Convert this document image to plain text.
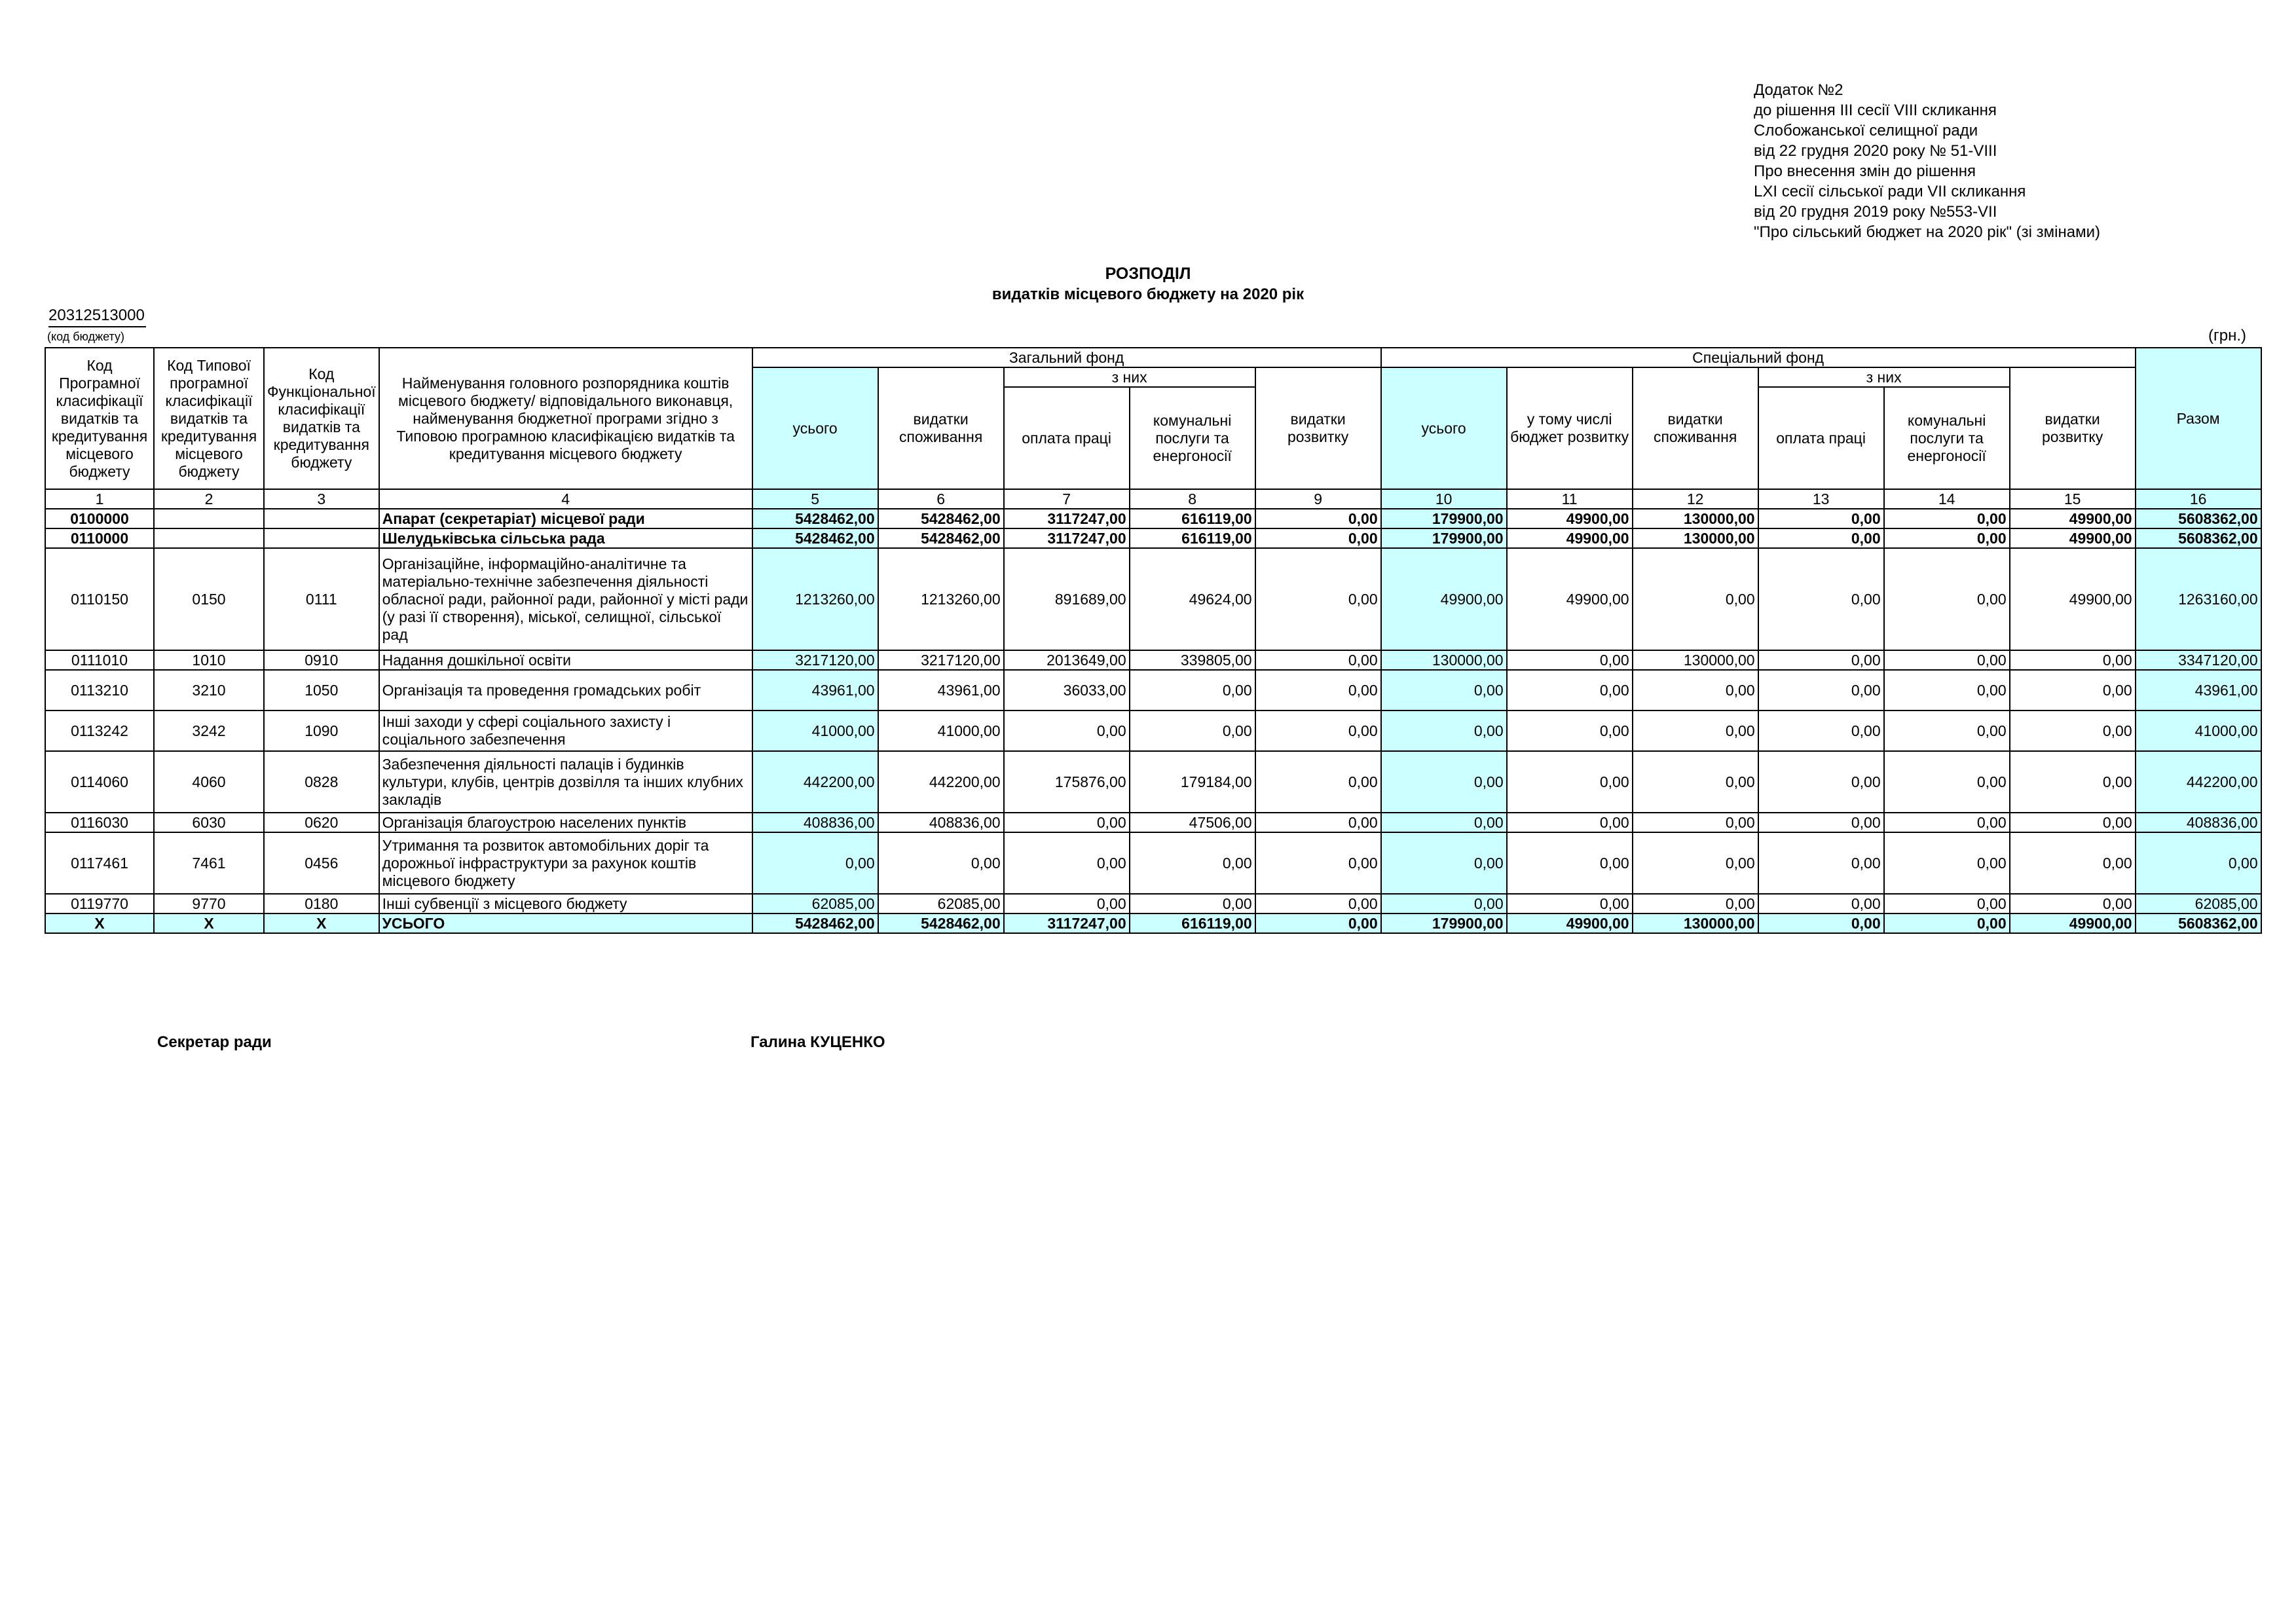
Додаток №2
до рішення III сесії VIII скликання
Слобожанської селищної ради
від 22 грудня 2020 року № 51-VIII
Про внесення змін до рішення
LXI сесії сільської ради VII скликання
від 20 грудня 2019 року №553-VII
"Про сільський бюджет на 2020 рік" (зі змінами)
РОЗПОДІЛ
видатків місцевого бюджету на 2020 рік
20312513000
(код бюджету)	(грн.)
Код Програмної класифікації видатків та кредитування місцевого бюджету	Код Типової програмної класифікації видатків та кредитування місцевого бюджету	Код Функціональної класифікації видатків та кредитування бюджету	Найменування головного розпорядника коштів місцевого бюджету/ відповідального виконавця, найменування бюджетної програми згідно з Типовою програмною класифікацією видатків та кредитування місцевого бюджету	Загальний фонд					Спеціальний фонд						Разом
				усього	видатки споживання	з них		видатки розвитку	усього	у тому числі бюджет розвитку	видатки споживання	з них		видатки розвитку	
						оплата праці	комунальні послуги та енергоносії					оплата праці	комунальні послуги та енергоносії		
1	2	3	4	5	6	7	8	9	10	11	12	13	14	15	16
0100000			Апарат (секретаріат) місцевої ради	5428462,00	5428462,00	3117247,00	616119,00	0,00	179900,00	49900,00	130000,00	0,00	0,00	49900,00	5608362,00
0110000			Шелудьківська сільська рада	5428462,00	5428462,00	3117247,00	616119,00	0,00	179900,00	49900,00	130000,00	0,00	0,00	49900,00	5608362,00
0110150	0150	0111	Організаційне, інформаційно-аналітичне та матеріально-технічне забезпечення діяльності обласної ради, районної ради, районної у місті ради (у разі її створення), міської, селищної, сільської рад	1213260,00	1213260,00	891689,00	49624,00	0,00	49900,00	49900,00	0,00	0,00	0,00	49900,00	1263160,00
0111010	1010	0910	Надання дошкільної освіти	3217120,00	3217120,00	2013649,00	339805,00	0,00	130000,00	0,00	130000,00	0,00	0,00	0,00	3347120,00
0113210	3210	1050	Організація та проведення громадських робіт	43961,00	43961,00	36033,00	0,00	0,00	0,00	0,00	0,00	0,00	0,00	0,00	43961,00
0113242	3242	1090	Інші заходи у сфері соціального захисту і соціального забезпечення	41000,00	41000,00	0,00	0,00	0,00	0,00	0,00	0,00	0,00	0,00	0,00	41000,00
0114060	4060	0828	Забезпечення діяльності палаців і будинків культури, клубів, центрів дозвілля та інших клубних закладів	442200,00	442200,00	175876,00	179184,00	0,00	0,00	0,00	0,00	0,00	0,00	0,00	442200,00
0116030	6030	0620	Організація благоустрою населених пунктів	408836,00	408836,00	0,00	47506,00	0,00	0,00	0,00	0,00	0,00	0,00	0,00	408836,00
0117461	7461	0456	Утримання та розвиток автомобільних доріг та дорожньої інфраструктури за рахунок коштів місцевого бюджету	0,00	0,00	0,00	0,00	0,00	0,00	0,00	0,00	0,00	0,00	0,00	0,00
0119770	9770	0180	Інші субвенції з місцевого бюджету	62085,00	62085,00	0,00	0,00	0,00	0,00	0,00	0,00	0,00	0,00	0,00	62085,00
X	X	X	УСЬОГО	5428462,00	5428462,00	3117247,00	616119,00	0,00	179900,00	49900,00	130000,00	0,00	0,00	49900,00	5608362,00
Секретар ради	Галина КУЦЕНКО
